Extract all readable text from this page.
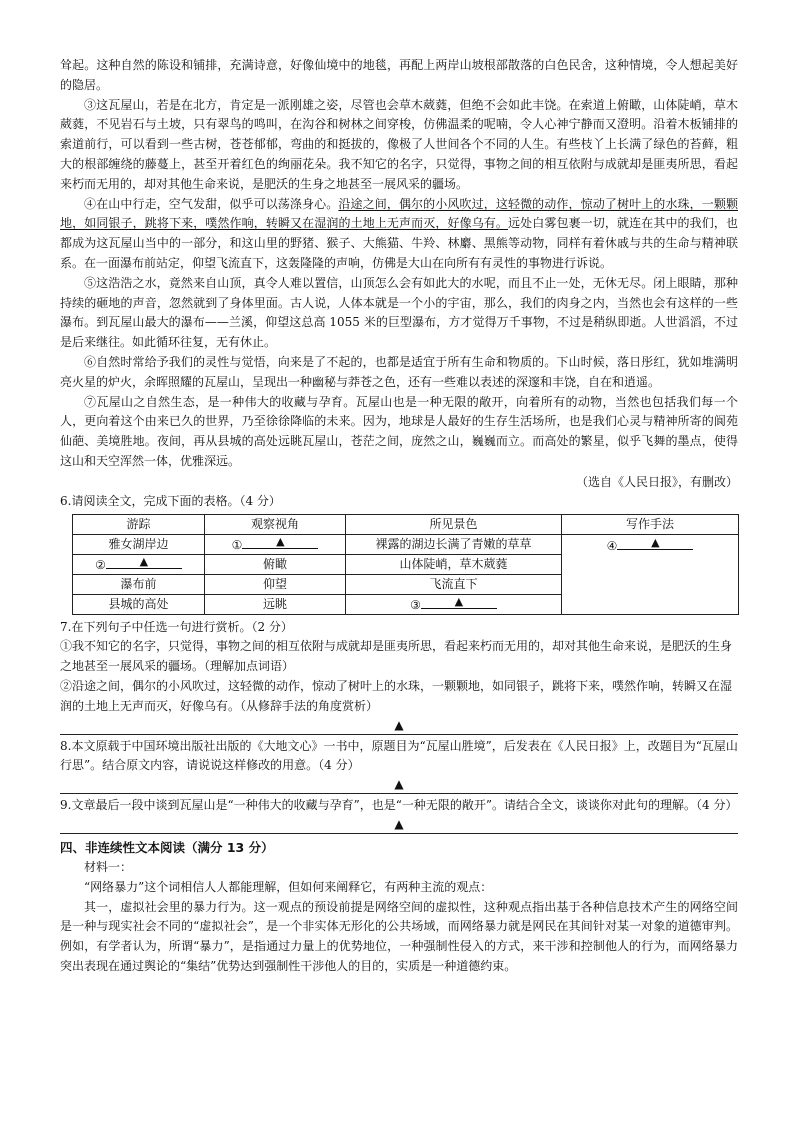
耸起。这种自然的陈设和铺排，充满诗意，好像仙境中的地毯，再配上两岸山坡根部散落的白色民舍，这种情境，令人想起美好的隐居。

③这瓦屋山，若是在北方，肯定是一派刚雄之姿，尽管也会草木葳蕤，但绝不会如此丰饶。在索道上俯瞰，山体陡峭，草木葳蕤，不见岩石与土坡，只有翠鸟的鸣叫，在沟谷和树林之间穿梭，仿佛温柔的呢喃，令人心神宁静而又澄明。沿着木板铺排的索道前行，可以看到一些古树，苍苍郁郁，弯曲的和挺拔的，像极了人世间各个不同的人生。有些枝丫上长满了绿色的苔藓，粗大的根部缠绕的藤蔓上，甚至开着红色的绚丽花朵。我不知它的名字，只觉得，事物之间的相互依附与成就却是匪夷所思，看起来朽而无用的，却对其他生命来说，是肥沃的生身之地甚至一展风采的疆场。

④在山中行走，空气发甜，似乎可以荡涤身心。沿途之间，偶尔的小风吹过，这轻微的动作，惊动了树叶上的水珠，一颗颗地，如同银子，跳将下来，噗然作响，转瞬又在湿润的土地上无声而灭，好像乌有。远处白雾包裹一切，就连在其中的我们，也都成为这瓦屋山当中的一部分，和这山里的野猪、猴子、大熊猫、牛羚、林麝、黑熊等动物，同样有着休戚与共的生命与精神联系。在一面瀑布前站定，仰望飞流直下，这轰隆隆的声响，仿佛是大山在向所有有灵性的事物进行诉说。

⑤这浩浩之水，竟然来自山顶，真令人难以置信，山顶怎么会有如此大的水呢，而且不止一处，无休无尽。闭上眼睛，那种持续的砸地的声音，忽然就到了身体里面。古人说，人体本就是一个小的宇宙，那么，我们的肉身之内，当然也会有这样的一些瀑布。到瓦屋山最大的瀑布——兰溪，仰望这总高 1055 米的巨型瀑布，方才觉得万千事物，不过是稍纵即逝。人世滔滔，不过是后来继往。如此循环往复，无有休止。

⑥自然时常给予我们的灵性与觉悟，向来是了不起的，也都是适宜于所有生命和物质的。下山时候，落日彤红，犹如堆满明亮火星的炉火，余晖照耀的瓦屋山，呈现出一种幽秘与莽苍之色，还有一些难以表述的深邃和丰饶，自在和逍遥。

⑦瓦屋山之自然生态，是一种伟大的收藏与孕育。瓦屋山也是一种无限的敞开，向着所有的动物，当然也包括我们每一个人，更向着这个由来已久的世界，乃至徐徐降临的未来。因为，地球是人最好的生存生活场所，也是我们心灵与精神所寄的阆苑仙葩、美境胜地。夜间，再从县城的高处远眺瓦屋山，苍茫之间，庞然之山，巍巍而立。而高处的繁星，似乎飞舞的墨点，使得这山和天空浑然一体，优雅深远。

（选自《人民日报》，有删改）

6.请阅读全文，完成下面的表格。（4 分）

游踪	观察视角	所见景色	写作手法
雅女湖岸边	① ▲	裸露的湖边长满了青嫩的草草	④ ▲

② ▲	俯瞰	山体陡峭，草木葳蕤	
瀑布前	仰望	飞流直下	
县城的高处	远眺	③ ▲	

7.在下列句子中任选一句进行赏析。（2 分）

①我不知它的名字，只觉得，事物之间的相互依附与成就却是匪夷所思，看起来朽而无用的，却对其他生命来说，是肥沃的生身之地甚至一展风采的疆场。（理解加点词语）

②沿途之间，偶尔的小风吹过，这轻微的动作，惊动了树叶上的水珠，一颗颗地，如同银子，跳将下来，噗然作响，转瞬又在湿润的土地上无声而灭，好像乌有。（从修辞手法的角度赏析）

▲

8.本文原载于中国环境出版社出版的《大地文心》一书中，原题目为“瓦屋山胜境”，后发表在《人民日报》上，改题目为“瓦屋山行思”。结合原文内容，请说说这样修改的用意。（4 分）

▲

9.文章最后一段中谈到瓦屋山是“一种伟大的收藏与孕育”，也是“一种无限的敞开”。请结合全文，谈谈你对此句的理解。（4 分）

▲

四、非连续性文本阅读（满分 13 分）

材料一：

“网络暴力”这个词相信人人都能理解，但如何来阐释它，有两种主流的观点：

其一，虚拟社会里的暴力行为。这一观点的预设前提是网络空间的虚拟性，这种观点指出基于各种信息技术产生的网络空间是一种与现实社会不同的“虚拟社会”，是一个非实体无形化的公共场域，而网络暴力就是网民在其间针对某一对象的道德审判。例如，有学者认为，所谓“暴力”，是指通过力量上的优势地位，一种强制性侵入的方式，来干涉和控制他人的行为，而网络暴力突出表现在通过舆论的“集结”优势达到强制性干涉他人的目的，实质是一种道德约束。
